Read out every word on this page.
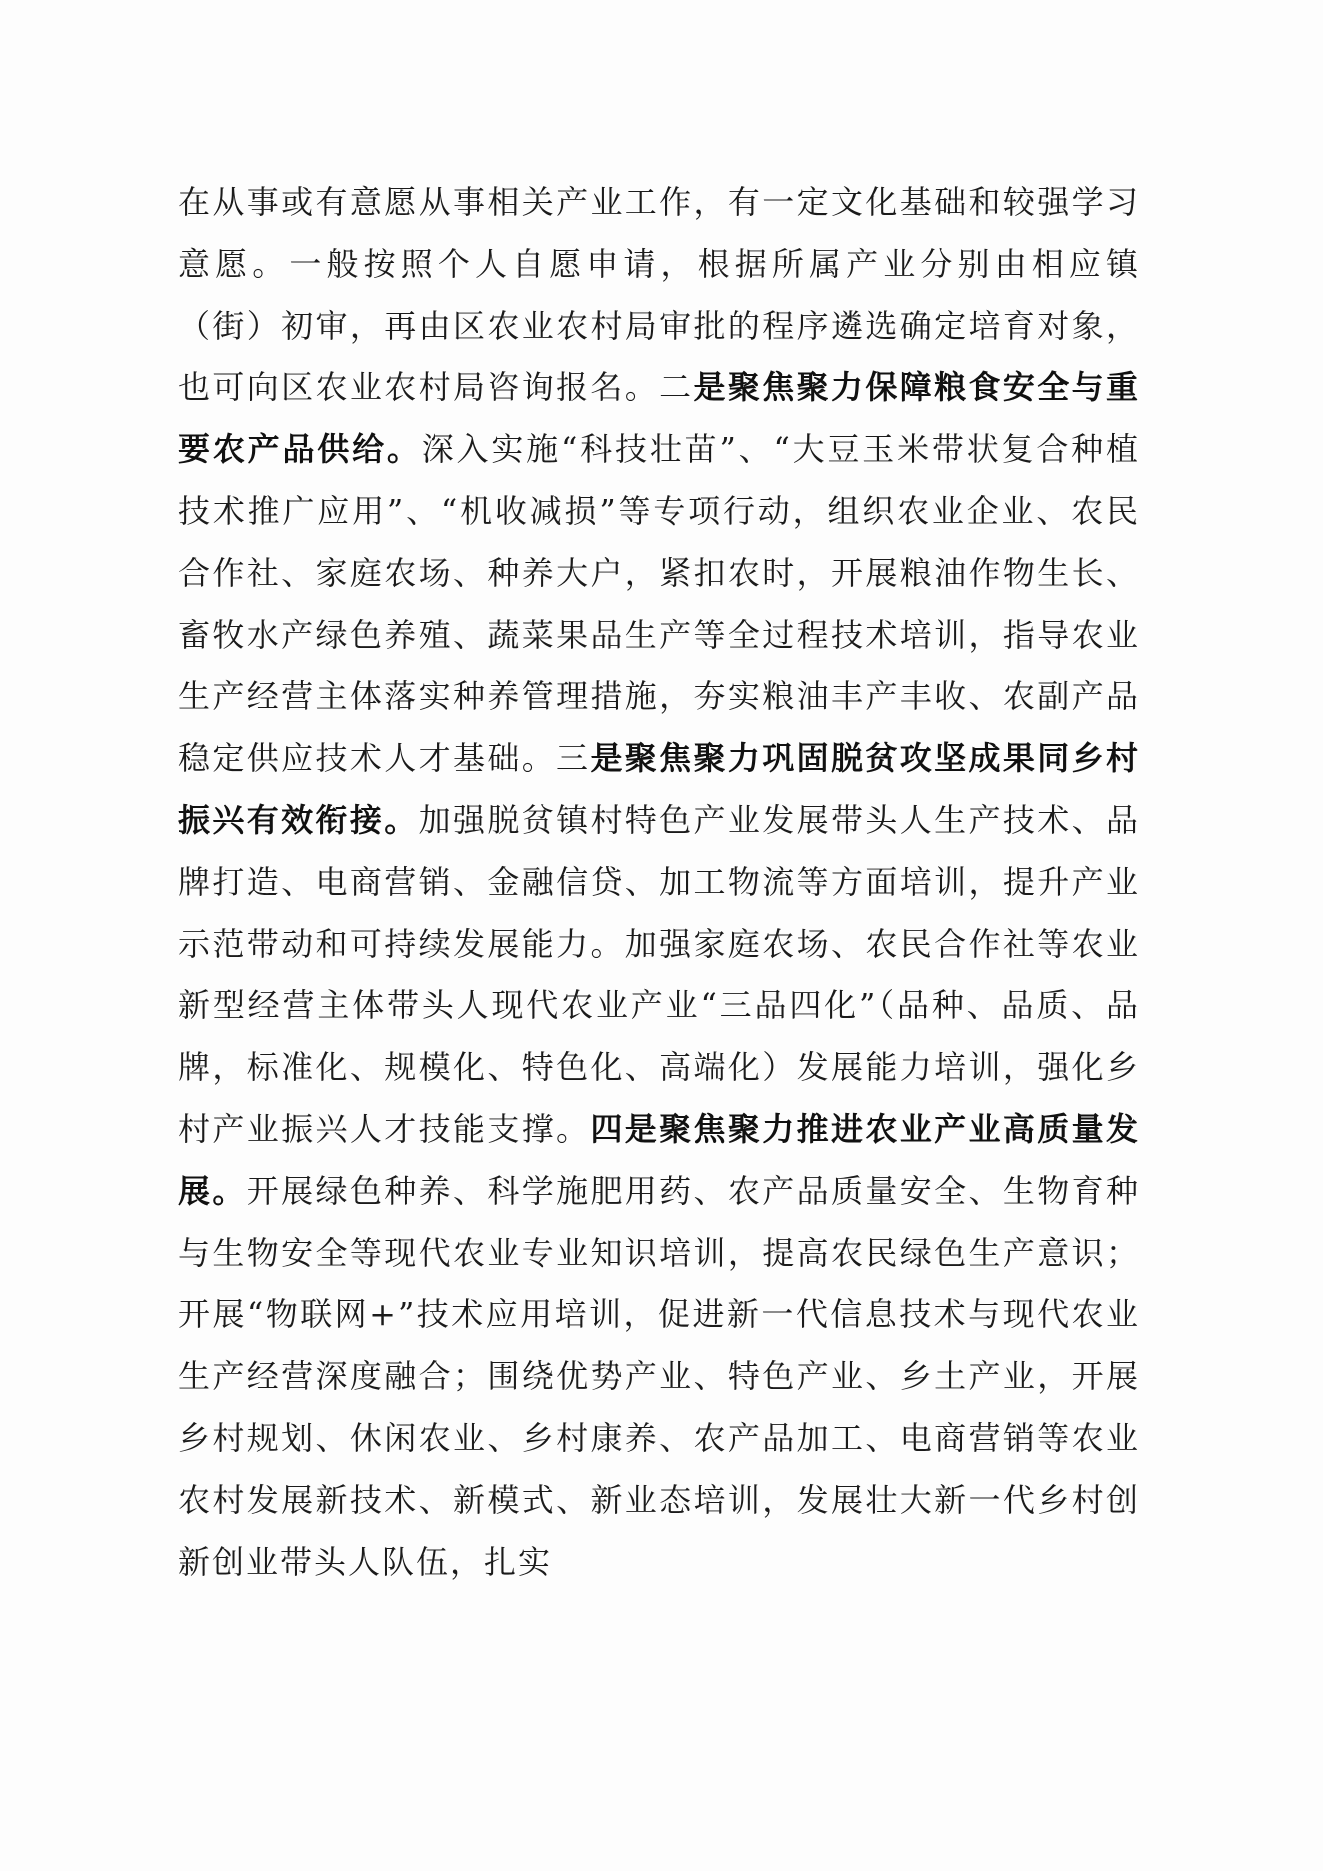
在从事或有意愿从事相关产业工作，有一定文化基础和较强学习意愿。一般按照个人自愿申请，根据所属产业分别由相应镇（街）初审，再由区农业农村局审批的程序遴选确定培育对象，也可向区农业农村局咨询报名。二是聚焦聚力保障粮食安全与重要农产品供给。深入实施“科技壮苗”、“大豆玉米带状复合种植技术推广应用”、“机收减损”等专项行动，组织农业企业、农民合作社、家庭农场、种养大户，紧扣农时，开展粮油作物生长、畜牧水产绿色养殖、蔬菜果品生产等全过程技术培训，指导农业生产经营主体落实种养管理措施，夯实粮油丰产丰收、农副产品稳定供应技术人才基础。三是聚焦聚力巩固脱贫攻坚成果同乡村振兴有效衔接。加强脱贫镇村特色产业发展带头人生产技术、品牌打造、电商营销、金融信贷、加工物流等方面培训，提升产业示范带动和可持续发展能力。加强家庭农场、农民合作社等农业新型经营主体带头人现代农业产业“三品四化”（品种、品质、品牌，标准化、规模化、特色化、高端化）发展能力培训，强化乡村产业振兴人才技能支撑。四是聚焦聚力推进农业产业高质量发展。开展绿色种养、科学施肥用药、农产品质量安全、生物育种与生物安全等现代农业专业知识培训，提高农民绿色生产意识；开展“物联网+”技术应用培训，促进新一代信息技术与现代农业生产经营深度融合；围绕优势产业、特色产业、乡土产业，开展乡村规划、休闲农业、乡村康养、农产品加工、电商营销等农业农村发展新技术、新模式、新业态培训，发展壮大新一代乡村创新创业带头人队伍，扎实
